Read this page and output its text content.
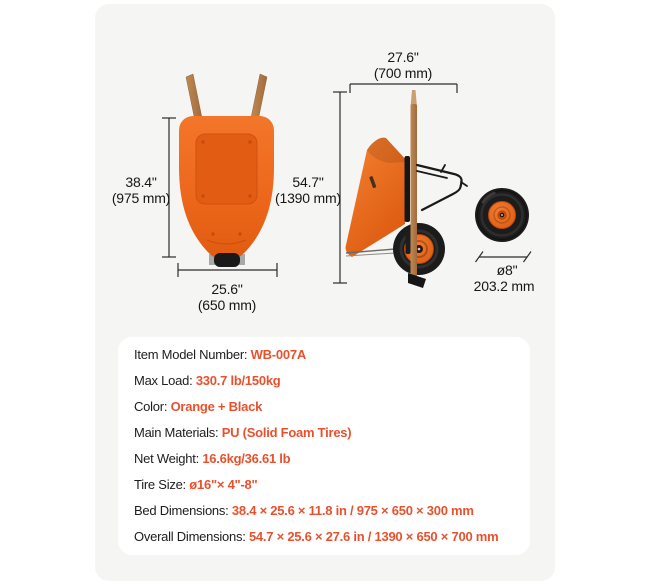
38.4"
(975 mm)
25.6"
(650 mm)
27.6"
(700 mm)
54.7"
(1390 mm)
ø8"
203.2 mm
Item Model Number: WB-007A
Max Load: 330.7 lb/150kg
Color: Orange + Black
Main Materials: PU (Solid Foam Tires)
Net Weight: 16.6kg/36.61 lb
Tire Size: ø16"× 4"-8"
Bed Dimensions: 38.4 × 25.6 × 11.8 in / 975 × 650 × 300 mm
Overall Dimensions: 54.7 × 25.6 × 27.6 in / 1390 × 650 × 700 mm
